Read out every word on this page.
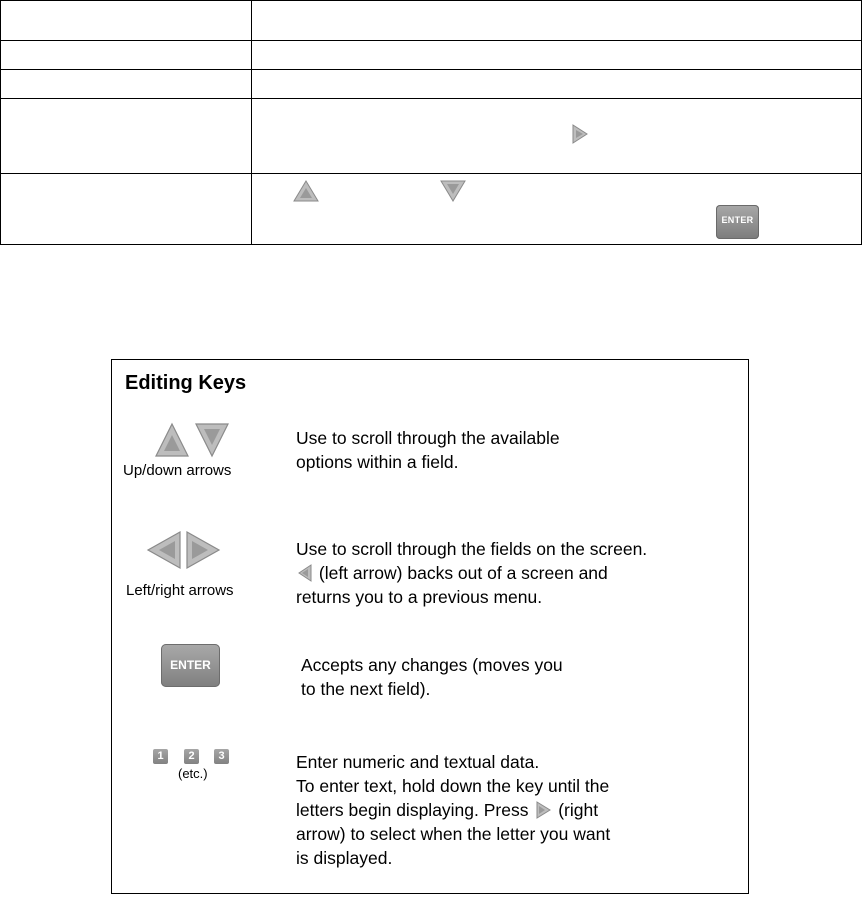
ENTER
Editing Keys
Up/down arrows
Use to scroll through the available
options within a field.
Left/right arrows
Use to scroll through the fields on the screen.
(left arrow) backs out of a screen and
returns you to a previous menu.
ENTER	Accepts any changes (moves you
to the next field).
1	2	3
(etc.)
Enter numeric and textual data.
To enter text, hold down the key until the
letters begin displaying. Press (right
arrow) to select when the letter you want
is displayed.
